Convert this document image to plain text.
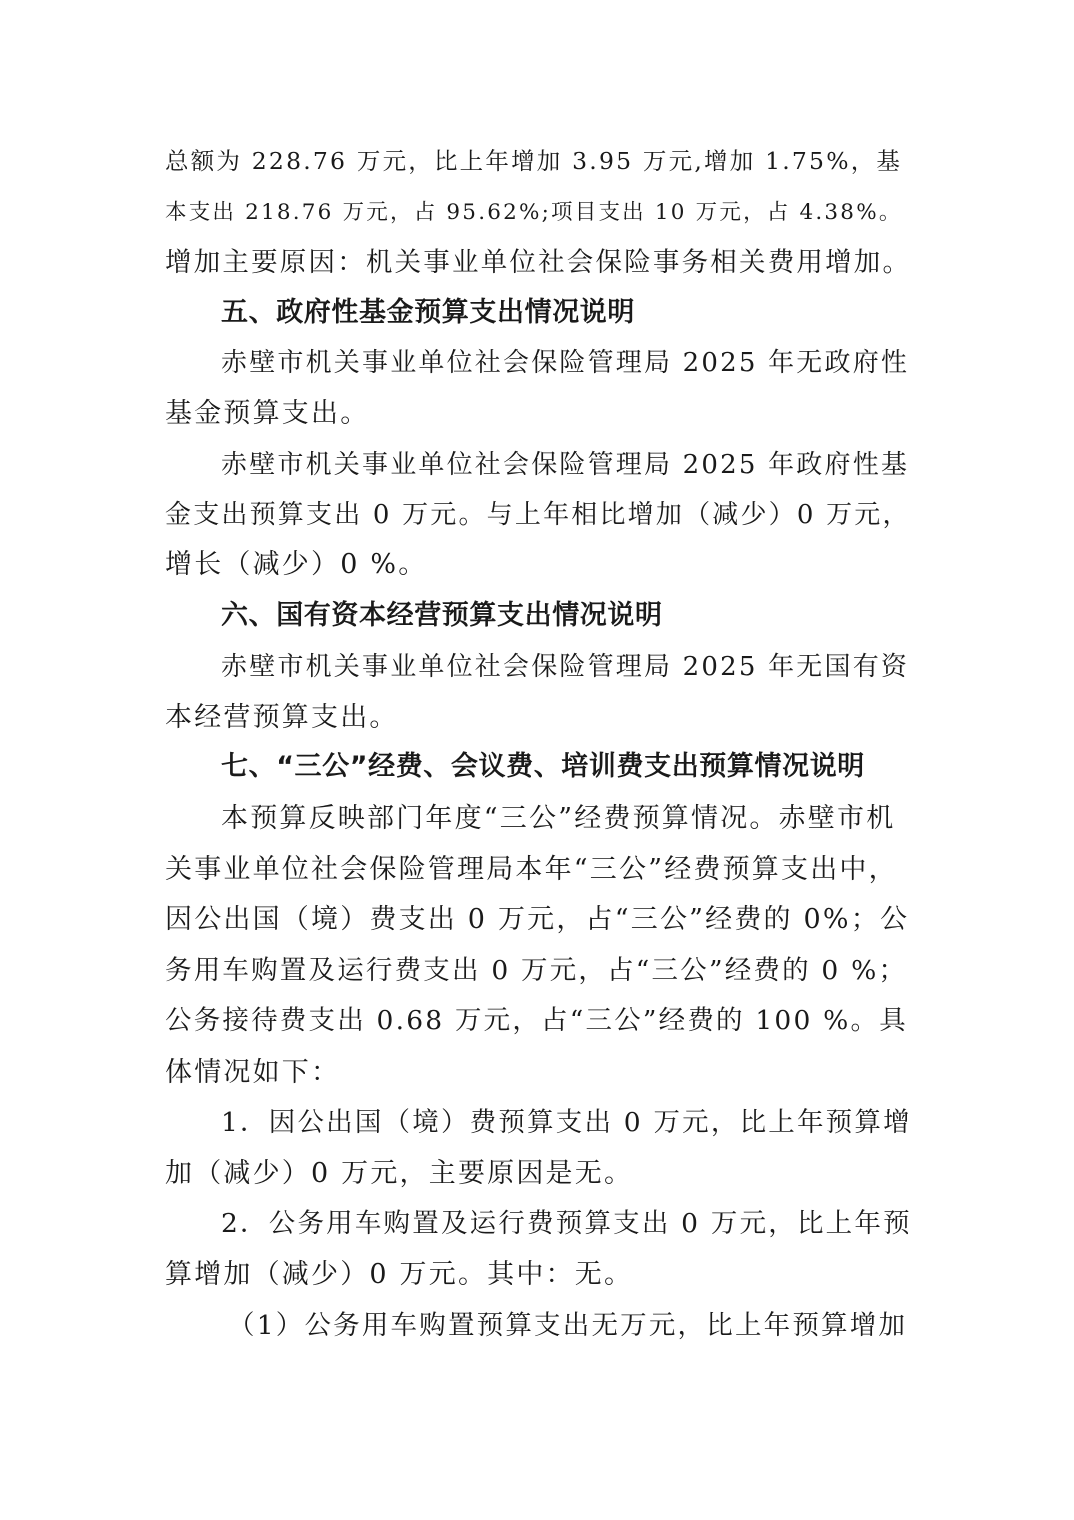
总额为 228.76 万元，比上年增加 3.95 万元,增加 1.75%，基
本支出 218.76 万元，占 95.62%;项目支出 10 万元，占 4.38%。
增加主要原因：机关事业单位社会保险事务相关费用增加。
五、政府性基金预算支出情况说明
赤壁市机关事业单位社会保险管理局 2025 年无政府性
基金预算支出。
赤壁市机关事业单位社会保险管理局 2025 年政府性基
金支出预算支出 0 万元。与上年相比增加（减少）0 万元，
增长（减少）0 %。
六、国有资本经营预算支出情况说明
赤壁市机关事业单位社会保险管理局 2025 年无国有资
本经营预算支出。
七、“三公”经费、会议费、培训费支出预算情况说明
本预算反映部门年度“三公”经费预算情况。赤壁市机
关事业单位社会保险管理局本年“三公”经费预算支出中，
因公出国（境）费支出 0 万元，占“三公”经费的 0%；公
务用车购置及运行费支出 0 万元，占“三公”经费的 0 %；
公务接待费支出 0.68 万元，占“三公”经费的 100 %。具
体情况如下：
1．因公出国（境）费预算支出 0 万元，比上年预算增
加（减少）0 万元，主要原因是无。
2．公务用车购置及运行费预算支出 0 万元，比上年预
算增加（减少）0 万元。其中：无。
（1）公务用车购置预算支出无万元，比上年预算增加
